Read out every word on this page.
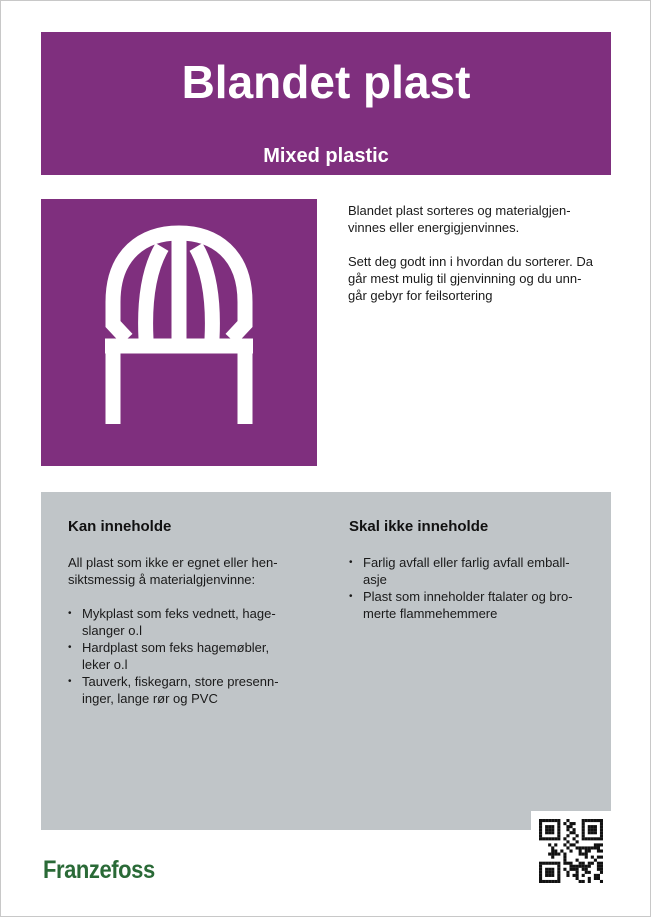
Blandet plast
Mixed plastic

Blandet plast sorteres og materialgjen-
vinnes eller energigjenvinnes.

Sett deg godt inn i hvordan du sorterer. Da
går mest mulig til gjenvinning og du unn-
går gebyr for feilsortering

Kan inneholde

All plast som ikke er egnet eller hen-
siktsmessig å materialgjenvinne:

• Mykplast som feks vednett, hage-
slanger o.l
• Hardplast som feks hagemøbler,
leker o.l
• Tauverk, fiskegarn, store presenn-
inger, lange rør og PVC
Skal ikke inneholde
• Farlig avfall eller farlig avfall emball-
asje
• Plast som inneholder ftalater og bro-
merte flammehemmere
Franzefoss
